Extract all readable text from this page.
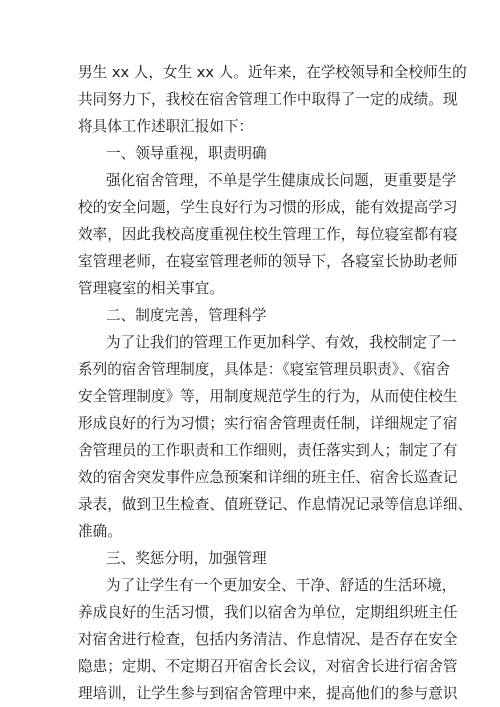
男生 xx 人，女生 xx 人。近年来，在学校领导和全校师生的
共同努力下，我校在宿舍管理工作中取得了一定的成绩。现
将具体工作述职汇报如下：
一、领导重视，职责明确
强化宿舍管理，不单是学生健康成长问题，更重要是学
校的安全问题，学生良好行为习惯的形成，能有效提高学习
效率，因此我校高度重视住校生管理工作，每位寝室都有寝
室管理老师，在寝室管理老师的领导下，各寝室长协助老师
管理寝室的相关事宜。
二、制度完善，管理科学
为了让我们的管理工作更加科学、有效，我校制定了一
系列的宿舍管理制度，具体是：《寝室管理员职责》、《宿舍
安全管理制度》等，用制度规范学生的行为，从而使住校生
形成良好的行为习惯；实行宿舍管理责任制，详细规定了宿
舍管理员的工作职责和工作细则，责任落实到人；制定了有
效的宿舍突发事件应急预案和详细的班主任、宿舍长巡查记
录表，做到卫生检查、值班登记、作息情况记录等信息详细、
准确。
三、奖惩分明，加强管理
为了让学生有一个更加安全、干净、舒适的生活环境，
养成良好的生活习惯，我们以宿舍为单位，定期组织班主任
对宿舍进行检查，包括内务清洁、作息情况、是否存在安全
隐患；定期、不定期召开宿舍长会议，对宿舍长进行宿舍管
理培训，让学生参与到宿舍管理中来，提高他们的参与意识
